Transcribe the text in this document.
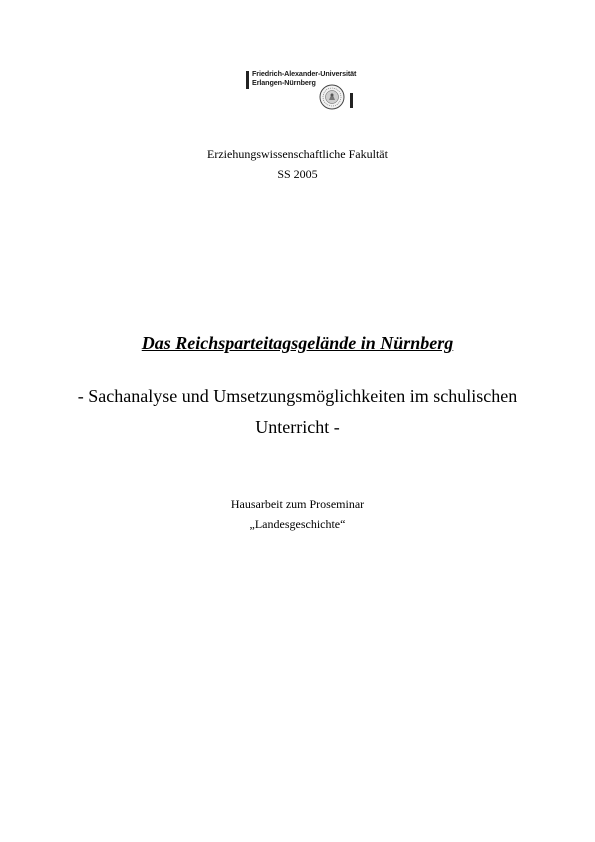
Friedrich-Alexander-Universität
Erlangen-Nürnberg
Erziehungswissenschaftliche Fakultät
SS 2005
Das Reichsparteitagsgelände in Nürnberg
- Sachanalyse und Umsetzungsmöglichkeiten im schulischen
Unterricht -
Hausarbeit zum Proseminar
„Landesgeschichte“
